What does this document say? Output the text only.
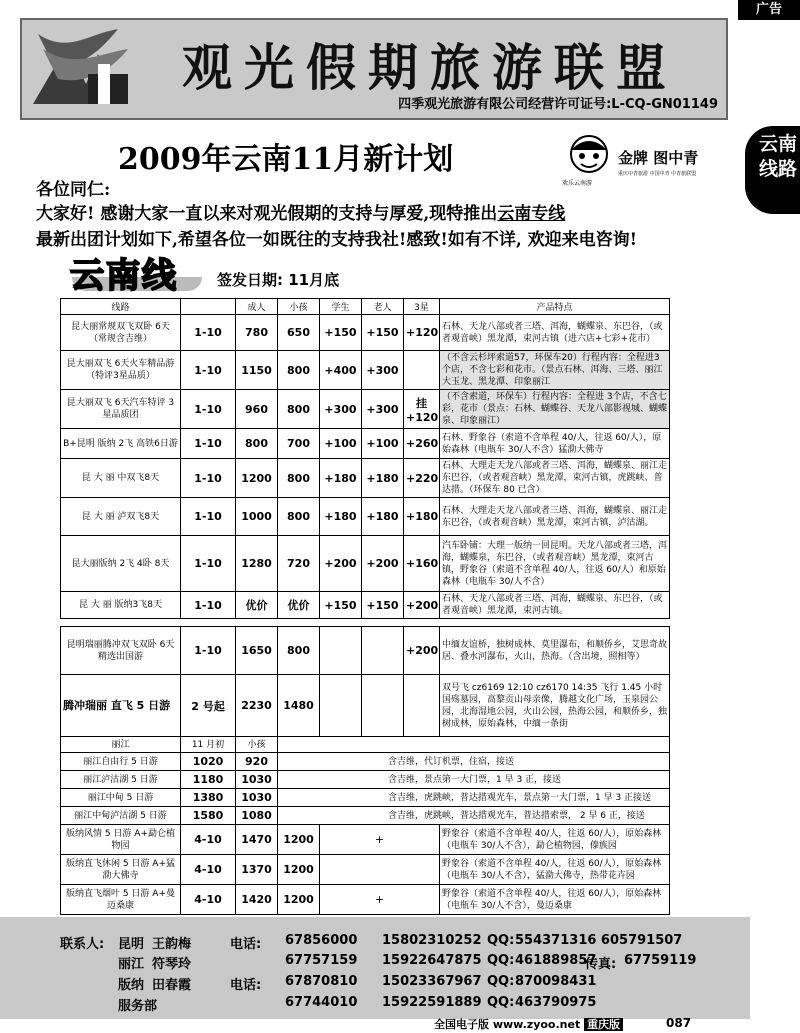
广告
观光假期旅游联盟
四季观光旅游有限公司经营许可证号:L-CQ-GN01149
2009年云南11月新计划
欢乐云南游
金牌 图中青
重庆中青旅游 中国中青 中青旅联盟
云南线路
各位同仁:
大家好! 感谢大家一直以来对观光假期的支持与厚爱,现特推出云南专线
最新出团计划如下,希望各位一如既往的支持我社!感致!如有不详, 欢迎来电咨询!
云南线	签发日期: 11月底
线路		成人	小孩	学生	老人	3星	产品特点
昆大丽常规双飞双卧 6天（常规含吉维）	1-10	780	650	+150	+150	+120	石林、天龙八部或者三塔、洱海，蝴蝶泉、东巴谷，（或者观音峡）黑龙潭，束河古镇（进六店+七彩+花市）
昆大丽双飞 6天火车精品游（特评3星品质）	1-10	1150	800	+400	+300		（不含云杉坪索道57，环保车20）行程内容：全程进3个店，不含七彩和花市。（景点石林、洱海、三塔、丽江大玉龙、黑龙潭、印象丽江
昆大丽双飞 6天汽车特评 3星品质团	1-10	960	800	+300	+300	挂 +120	（不含索道，环保车）行程内容：全程进 3个店，不含七彩，花市（景点：石林、蝴蝶谷、天龙八部影视城、蝴蝶泉、印象丽江）
B+昆明 版纳 2飞 高铁6日游	1-10	800	700	+100	+100	+260	石林、野象谷（索道不含单程 40/人，往返 60/人），原始森林（电瓶车 30/人不含）猛泐大佛寺
昆 大 丽 中双飞8天	1-10	1200	800	+180	+180	+220	石林、大理走天龙八部或者三塔、洱海，蝴蝶泉、丽江走东巴谷，（或者观音峡）黑龙潭，束河古镇，虎跳峡、普达措。（环保车 80 已含）
昆 大 丽 泸双飞8天	1-10	1000	800	+180	+180	+180	石林、大理走天龙八部或者三塔、洱海，蝴蝶泉、丽江走东巴谷，（或者观音峡）黑龙潭，束河古镇，泸沽湖。
昆大丽版纳 2飞 4卧 8天	1-10	1280	720	+200	+200	+160	汽车卧铺：大理一版纳一回昆明。天龙八部或者三塔，洱海，蝴蝶泉，东巴谷，（或者观音峡）黑龙潭，束河古镇，野象谷（索道不含单程 40/人，往返 60/人）和原始森林（电瓶车 30/人不含）
昆 大 丽 版纳3飞8天	1-10	优价	优价	+150	+150	+200	石林、天龙八部或者三塔、洱海，蝴蝶泉、东巴谷，（或者观音峡）黑龙潭，束河古镇。

昆明瑞丽腾冲双飞双卧 6天 精选出国游	1-10	1650	800			+200	中缅友谊桥，独树成林、莫里瀑布，和顺侨乡，艾思奇故居、叠水河瀑布，火山，热海。（含出境，照相等）
腾冲瑞丽 直飞 5 日游	2 号起	2230	1480				双号飞 cz6169 12:10 cz6170 14:35 飞行 1.45 小时国殇墓园，高黎贡山母亲像，腾越文化广场，玉泉园公园，北海湿地公园，火山公园，热海公园，和顺侨乡，独树成林，原始森林，中缅一条街
丽江	11 月初	小孩					
丽江自由行 5 日游	1020	920	含吉维，代订机票，住宿，接送				
丽江泸沽湖 5 日游	1180	1030	含吉维，景点第一大门票，1 早 3 正，接送				
丽江中甸 5 日游	1380	1030	含吉维，虎跳峡，普达措观光车，景点第一大门票，1 早 3 正接送				
丽江中甸泸沽湖 5 日游	1580	1080	含吉维，虎跳峡，普达措观光车，普达措索票， 2 早 6 正，接送				
版纳风情 5 日游 A+勐仑植物园	4-10	1470	1200	+			野象谷（索道不含单程 40/人，往返 60/人），原始森林（电瓶车 30/人不含），勐仑植物园，傣族园
版纳直飞休闲 5 日游 A+猛泐大佛寺	4-10	1370	1200				野象谷（索道不含单程 40/人，往返 60/人），原始森林（电瓶车 30/人不含），猛泐大佛寺，热带花卉园
版纳直飞烟叶 5 日游 A+曼迈桑康	4-10	1420	1200	+			野象谷（索道不含单程 40/人，往返 60/人），原始森林（电瓶车 30/人不含），曼迈桑康
联系人: 昆明 王韵梅	电话: 67856000 15802310252 QQ: 554371316 605791507
丽江 符琴玲	67757159 15922647875 QQ: 461889857
传真: 67759119
版纳 田春霞	电话: 67870810 15023367967 QQ: 870098431
服务部	67744010 15922591889 QQ: 463790975
全国电子版 www.zyoo.net 重庆版	087
